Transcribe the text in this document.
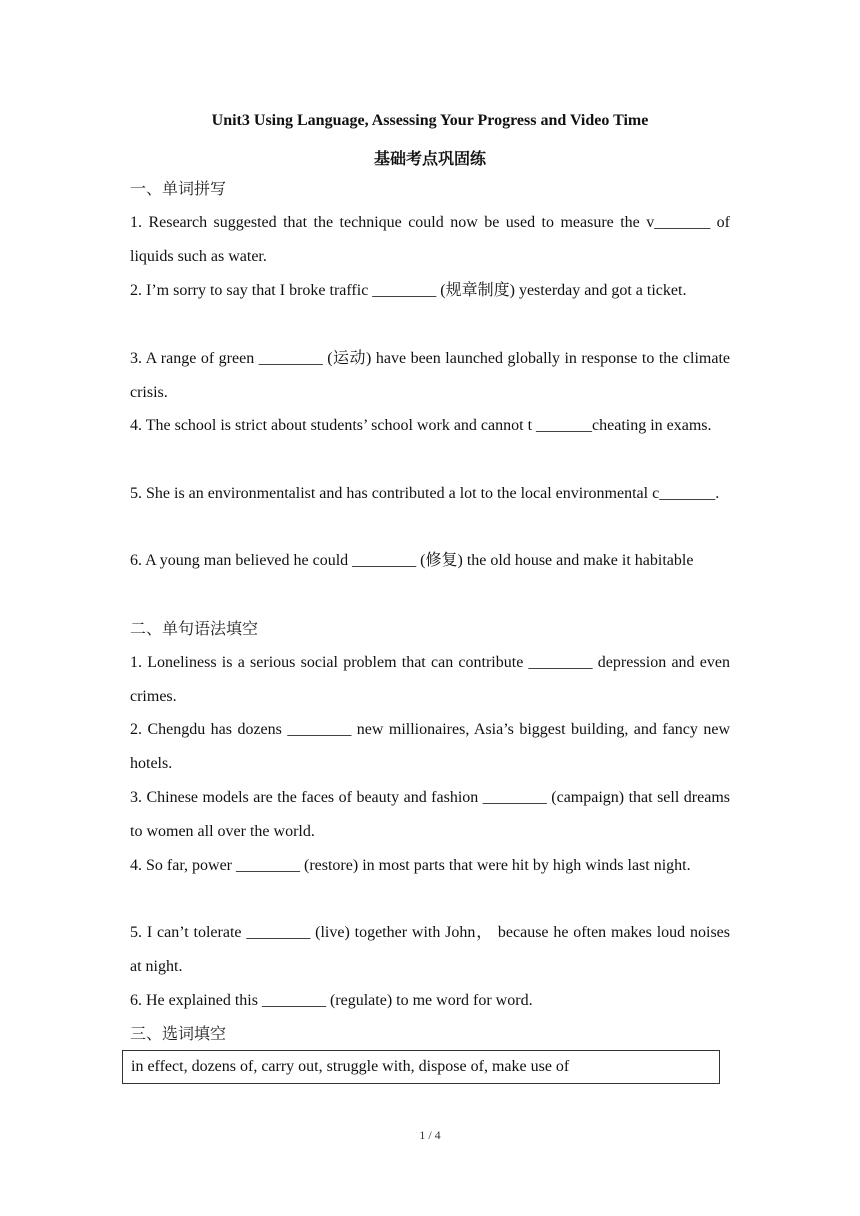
Unit3 Using Language, Assessing Your Progress and Video Time
基础考点巩固练
一、单词拼写
1. Research suggested that the technique could now be used to measure the v_______ of liquids such as water.
2. I’m sorry to say that I broke traffic ________ (规章制度) yesterday and got a ticket.
3. A range of green ________ (运动) have been launched globally in response to the climate crisis.
4. The school is strict about students’ school work and cannot t _______cheating in exams.
5. She is an environmentalist and has contributed a lot to the local environmental c_______.
6. A young man believed he could ________ (修复) the old house and make it habitable
二、单句语法填空
1. Loneliness is a serious social problem that can contribute ________ depression and even crimes.
2. Chengdu has dozens ________ new millionaires, Asia’s biggest building, and fancy new hotels.
3. Chinese models are the faces of beauty and fashion ________ (campaign) that sell dreams to women all over the world.
4. So far, power ________ (restore) in most parts that were hit by high winds last night.
5. I can’t tolerate ________ (live) together with John， because he often makes loud noises at night.
6. He explained this ________ (regulate) to me word for word.
三、选词填空
in effect, dozens of, carry out, struggle with, dispose of, make use of
1 / 4
